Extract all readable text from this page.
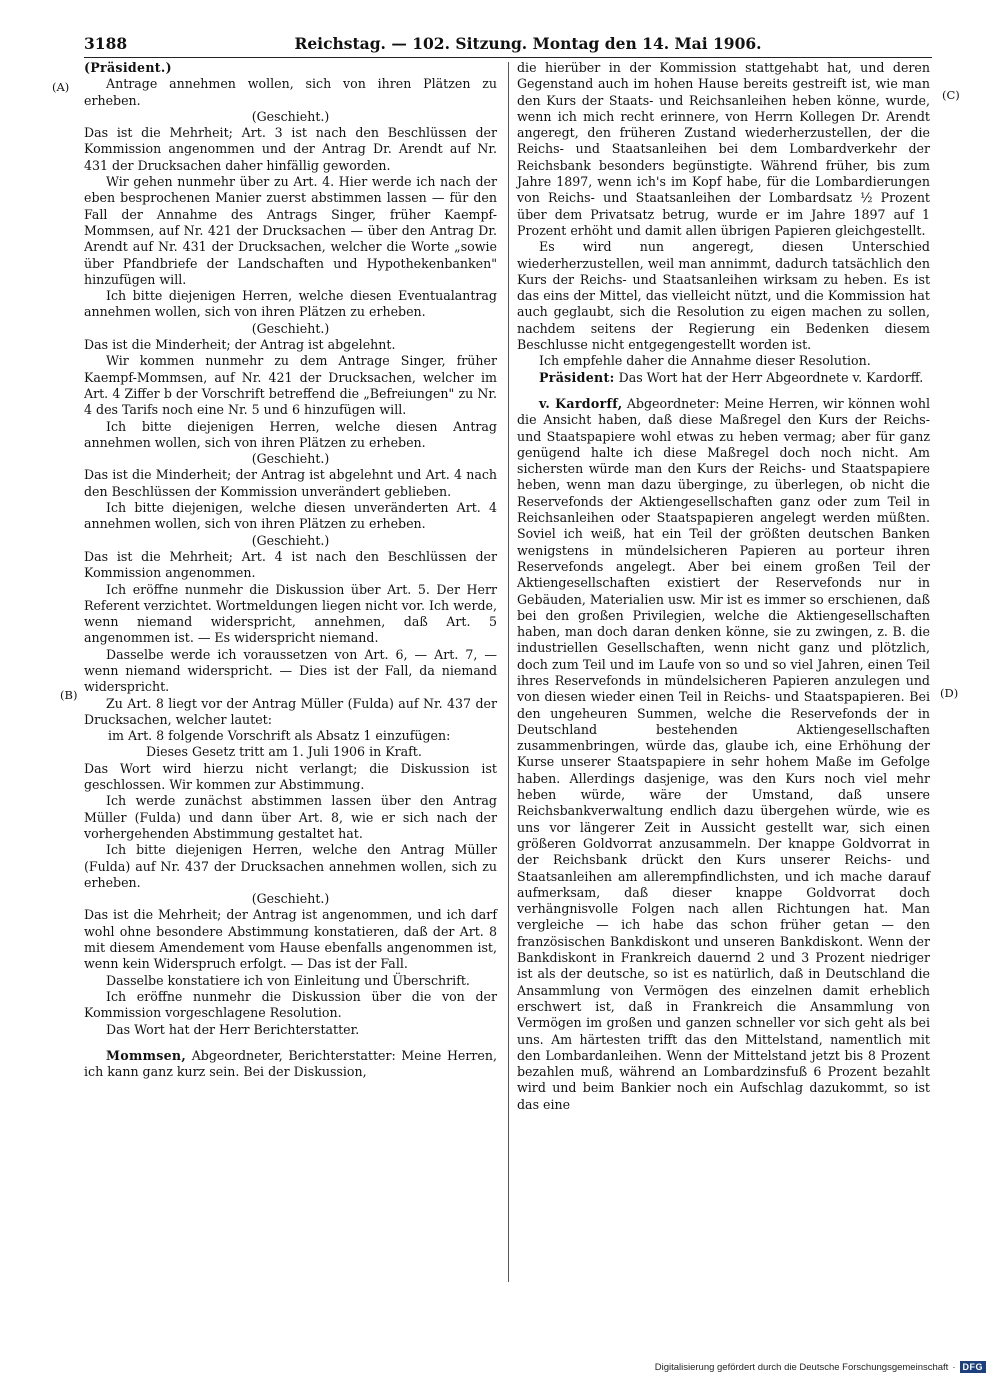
3188	Reichstag. — 102. Sitzung. Montag den 14. Mai 1906.
(A)
(B)
(C)
(D)

(Präsident.)

Antrage annehmen wollen, sich von ihren Plätzen zu erheben.

(Geschieht.)

Das ist die Mehrheit; Art. 3 ist nach den Beschlüssen der Kommission angenommen und der Antrag Dr. Arendt auf Nr. 431 der Drucksachen daher hinfällig geworden.

Wir gehen nunmehr über zu Art. 4. Hier werde ich nach der eben besprochenen Manier zuerst abstimmen lassen — für den Fall der Annahme des Antrags Singer, früher Kaempf-Mommsen, auf Nr. 421 der Drucksachen — über den Antrag Dr. Arendt auf Nr. 431 der Drucksachen, welcher die Worte „sowie über Pfandbriefe der Landschaften und Hypothekenbanken" hinzufügen will.

Ich bitte diejenigen Herren, welche diesen Eventualantrag annehmen wollen, sich von ihren Plätzen zu erheben.

(Geschieht.)

Das ist die Minderheit; der Antrag ist abgelehnt.

Wir kommen nunmehr zu dem Antrage Singer, früher Kaempf-Mommsen, auf Nr. 421 der Drucksachen, welcher im Art. 4 Ziffer b der Vorschrift betreffend die „Befreiungen" zu Nr. 4 des Tarifs noch eine Nr. 5 und 6 hinzufügen will.

Ich bitte diejenigen Herren, welche diesen Antrag annehmen wollen, sich von ihren Plätzen zu erheben.

(Geschieht.)

Das ist die Minderheit; der Antrag ist abgelehnt und Art. 4 nach den Beschlüssen der Kommission unverändert geblieben.

Ich bitte diejenigen, welche diesen unveränderten Art. 4 annehmen wollen, sich von ihren Plätzen zu erheben.

(Geschieht.)

Das ist die Mehrheit; Art. 4 ist nach den Beschlüssen der Kommission angenommen.

Ich eröffne nunmehr die Diskussion über Art. 5. Der Herr Referent verzichtet. Wortmeldungen liegen nicht vor. Ich werde, wenn niemand widerspricht, annehmen, daß Art. 5 angenommen ist. — Es widerspricht niemand.

Dasselbe werde ich voraussetzen von Art. 6, — Art. 7, — wenn niemand widerspricht. — Dies ist der Fall, da niemand widerspricht.

Zu Art. 8 liegt vor der Antrag Müller (Fulda) auf Nr. 437 der Drucksachen, welcher lautet:

im Art. 8 folgende Vorschrift als Absatz 1 einzufügen:

Dieses Gesetz tritt am 1. Juli 1906 in Kraft.

Das Wort wird hierzu nicht verlangt; die Diskussion ist geschlossen. Wir kommen zur Abstimmung.

Ich werde zunächst abstimmen lassen über den Antrag Müller (Fulda) und dann über Art. 8, wie er sich nach der vorhergehenden Abstimmung gestaltet hat.

Ich bitte diejenigen Herren, welche den Antrag Müller (Fulda) auf Nr. 437 der Drucksachen annehmen wollen, sich zu erheben.

(Geschieht.)

Das ist die Mehrheit; der Antrag ist angenommen, und ich darf wohl ohne besondere Abstimmung konstatieren, daß der Art. 8 mit diesem Amendement vom Hause ebenfalls angenommen ist, wenn kein Widerspruch erfolgt. — Das ist der Fall.

Dasselbe konstatiere ich von Einleitung und Überschrift.

Ich eröffne nunmehr die Diskussion über die von der Kommission vorgeschlagene Resolution.

Das Wort hat der Herr Berichterstatter.

Mommsen, Abgeordneter, Berichterstatter: Meine Herren, ich kann ganz kurz sein. Bei der Diskussion,

die hierüber in der Kommission stattgehabt hat, und deren Gegenstand auch im hohen Hause bereits gestreift ist, wie man den Kurs der Staats- und Reichsanleihen heben könne, wurde, wenn ich mich recht erinnere, von Herrn Kollegen Dr. Arendt angeregt, den früheren Zustand wiederherzustellen, der die Reichs- und Staatsanleihen bei dem Lombardverkehr der Reichsbank besonders begünstigte. Während früher, bis zum Jahre 1897, wenn ich's im Kopf habe, für die Lombardierungen von Reichs- und Staatsanleihen der Lombardsatz ½ Prozent über dem Privatsatz betrug, wurde er im Jahre 1897 auf 1 Prozent erhöht und damit allen übrigen Papieren gleichgestellt.

Es wird nun angeregt, diesen Unterschied wiederherzustellen, weil man annimmt, dadurch tatsächlich den Kurs der Reichs- und Staatsanleihen wirksam zu heben. Es ist das eins der Mittel, das vielleicht nützt, und die Kommission hat auch geglaubt, sich die Resolution zu eigen machen zu sollen, nachdem seitens der Regierung ein Bedenken diesem Beschlusse nicht entgegengestellt worden ist.

Ich empfehle daher die Annahme dieser Resolution.

Präsident: Das Wort hat der Herr Abgeordnete v. Kardorff.

v. Kardorff, Abgeordneter: Meine Herren, wir können wohl die Ansicht haben, daß diese Maßregel den Kurs der Reichs- und Staatspapiere wohl etwas zu heben vermag; aber für ganz genügend halte ich diese Maßregel doch noch nicht. Am sichersten würde man den Kurs der Reichs- und Staatspapiere heben, wenn man dazu übergingе, zu überlegen, ob nicht die Reservefonds der Aktiengesellschaften ganz oder zum Teil in Reichsanleihen oder Staatspapieren angelegt werden müßten. Soviel ich weiß, hat ein Teil der größten deutschen Banken wenigstens in mündelsicheren Papieren au porteur ihren Reservefonds angelegt. Aber bei einem großen Teil der Aktiengesellschaften existiert der Reservefonds nur in Gebäuden, Materialien usw. Mir ist es immer so erschienen, daß bei den großen Privilegien, welche die Aktiengesellschaften haben, man doch daran denken könne, sie zu zwingen, z. B. die industriellen Gesellschaften, wenn nicht ganz und plötzlich, doch zum Teil und im Laufe von so und so viel Jahren, einen Teil ihres Reservefonds in mündelsicheren Papieren anzulegen und von diesen wieder einen Teil in Reichs- und Staatspapieren. Bei den ungeheuren Summen, welche die Reservefonds der in Deutschland bestehenden Aktiengesellschaften zusammenbringen, würde das, glaube ich, eine Erhöhung der Kurse unserer Staatspapiere in sehr hohem Maße im Gefolge haben. Allerdings dasjenige, was den Kurs noch viel mehr heben würde, wäre der Umstand, daß unsere Reichsbankverwaltung endlich dazu übergehen würde, wie es uns vor längerer Zeit in Aussicht gestellt war, sich einen größeren Goldvorrat anzusammeln. Der knappe Goldvorrat in der Reichsbank drückt den Kurs unserer Reichs- und Staatsanleihen am allerempfindlichsten, und ich mache darauf aufmerksam, daß dieser knappe Goldvorrat doch verhängnisvolle Folgen nach allen Richtungen hat. Man vergleiche — ich habe das schon früher getan — den französischen Bankdiskont und unseren Bankdiskont. Wenn der Bankdiskont in Frankreich dauernd 2 und 3 Prozent niedriger ist als der deutsche, so ist es natürlich, daß in Deutschland die Ansammlung von Vermögen des einzelnen damit erheblich erschwert ist, daß in Frankreich die Ansammlung von Vermögen im großen und ganzen schneller vor sich geht als bei uns. Am härtesten trifft das den Mittelstand, namentlich mit den Lombardanleihen. Wenn der Mittelstand jetzt bis 8 Prozent bezahlen muß, während an Lombardzinsfuß 6 Prozent bezahlt wird und beim Bankier noch ein Aufschlag dazukommt, so ist das eine

Digitalisierung gefördert durch die Deutsche Forschungsgemeinschaft · DFG
